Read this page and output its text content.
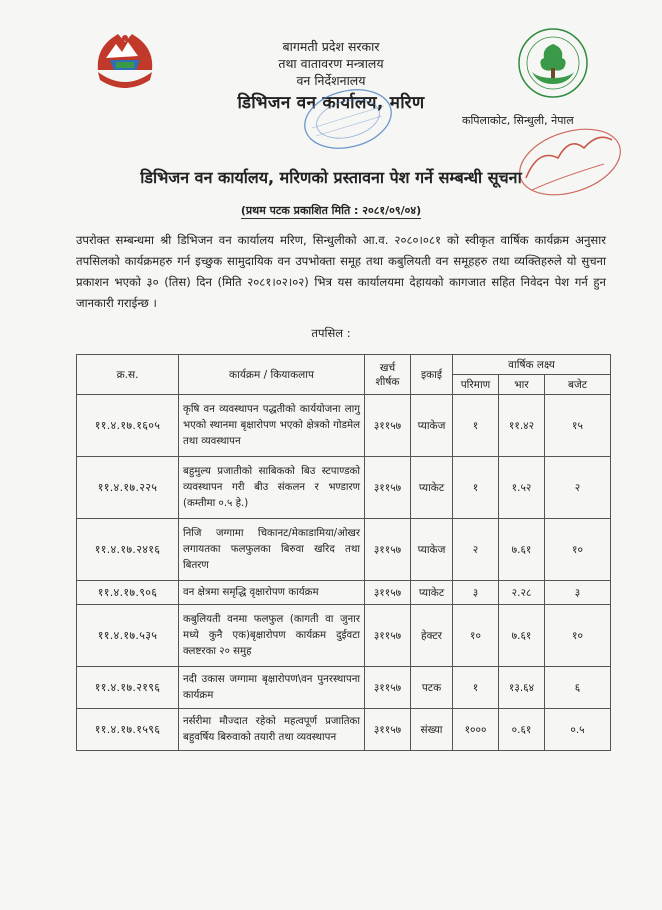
बागमती प्रदेश सरकार
तथा वातावरण मन्त्रालय
वन निर्देशनालय
डिभिजन वन कार्यालय, मरिण
कपिलाकोट, सिन्धुली, नेपाल
डिभिजन वन कार्यालय, मरिणको प्रस्तावना पेश गर्ने सम्बन्धी सूचना
(प्रथम पटक प्रकाशित मिति : २०८१/०९/०४)
उपरोक्त सम्बन्धमा श्री डिभिजन वन कार्यालय मरिण, सिन्धुलीको आ.व. २०८०।०८१ को स्वीकृत वार्षिक कार्यक्रम अनुसार तपसिलको कार्यक्रमहरु गर्न इच्छुक सामुदायिक वन उपभोक्ता समूह तथा कबुलियती वन समूहहरु तथा व्यक्तिहरुले यो सुचना प्रकाशन भएको ३० (तिस) दिन (मिति २०८१।०२।०२) भित्र यस कार्यालयमा देहायको कागजात सहित निवेदन पेश गर्न हुन जानकारी गराईन्छ ।
तपसिल :
क्र.स.	कार्यक्रम / कियाकलाप	खर्च शीर्षक	इकाई	वार्षिक लक्ष्य		
				परिमाण	भार	बजेट
११.४.१७.१६०५	कृषि वन व्यवस्थापन पद्धतीको कार्ययोजना लागु भएको स्थानमा बृक्षारोपण भएको क्षेत्रको गोडमेल तथा व्यवस्थापन	३११५७	प्याकेज	१	११.४२	१५
११.४.१७.२२५	बहुमुल्य प्रजातीको साबिकको बिउ स्टपाण्डको व्यवस्थापन गरी बीउ संकलन र भण्डारण (कम्तीमा ०.५ हे.)	३११५७	प्याकेट	१	१.५२	२
११.४.१७.२४१६	निजि जग्गामा चिकानट/मेकाडामिया/ओखर लगायतका फलफुलका बिरुवा खरिद तथा बितरण	३११५७	प्याकेज	२	७.६१	१०
११.४.१७.९०६	वन क्षेत्रमा समृद्धि वृक्षारोपण कार्यक्रम	३११५७	प्याकेट	३	२.२८	३
११.४.१७.५३५	कबुलियती वनमा फलफुल (कागती वा जुनार मध्ये कुनै एक)बृक्षारोपण कार्यक्रम दुईवटा क्लष्टरका २० समुह	३११५७	हेक्टर	१०	७.६१	१०
११.४.१७.२१९६	नदी उकास जग्गामा बृक्षारोपण\वन पुनरस्थापना कार्यक्रम	३११५७	पटक	१	१३.६४	६
११.४.१७.१५९६	नर्सरीमा मौज्दात रहेको महत्वपूर्ण प्रजातिका बहुवर्षिय बिरुवाको तयारी तथा व्यवस्थापन	३११५७	संख्या	१०००	०.६१	०.५
